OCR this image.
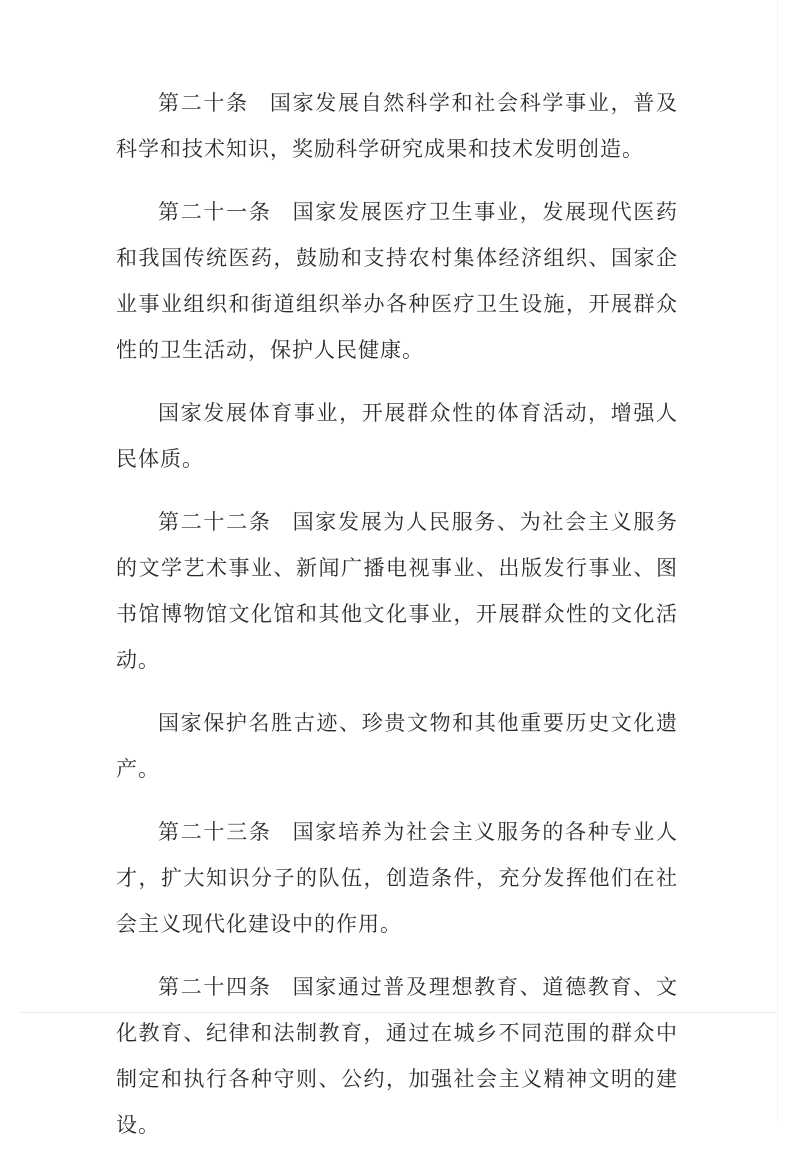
第二十条 国家发展自然科学和社会科学事业，普及科学和技术知识，奖励科学研究成果和技术发明创造。

第二十一条 国家发展医疗卫生事业，发展现代医药和我国传统医药，鼓励和支持农村集体经济组织、国家企业事业组织和街道组织举办各种医疗卫生设施，开展群众性的卫生活动，保护人民健康。

国家发展体育事业，开展群众性的体育活动，增强人民体质。

第二十二条 国家发展为人民服务、为社会主义服务的文学艺术事业、新闻广播电视事业、出版发行事业、图书馆博物馆文化馆和其他文化事业，开展群众性的文化活动。

国家保护名胜古迹、珍贵文物和其他重要历史文化遗产。

第二十三条 国家培养为社会主义服务的各种专业人才，扩大知识分子的队伍，创造条件，充分发挥他们在社会主义现代化建设中的作用。

第二十四条 国家通过普及理想教育、道德教育、文化教育、纪律和法制教育，通过在城乡不同范围的群众中制定和执行各种守则、公约，加强社会主义精神文明的建设。
